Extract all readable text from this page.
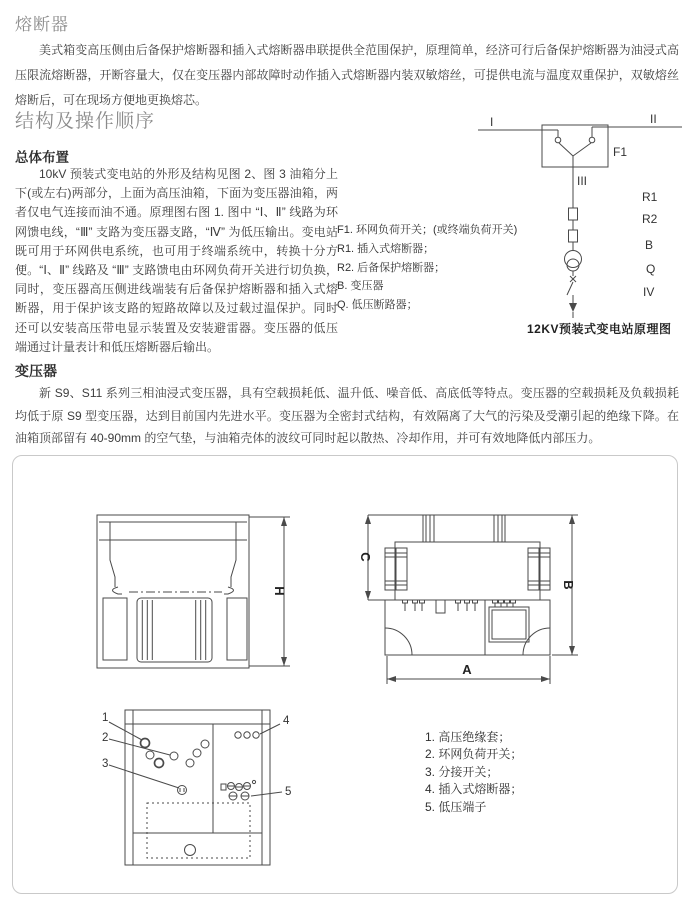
熔断器
美式箱变高压侧由后备保护熔断器和插入式熔断器串联提供全范围保护，原理简单，经济可行后备保护熔断器为油浸式高压限流熔断器，开断容量大，仅在变压器内部故障时动作插入式熔断器内装双敏熔丝，可提供电流与温度双重保护，双敏熔丝熔断后，可在现场方便地更换熔芯。
结构及操作顺序
总体布置
10kV 预装式变电站的外形及结构见图 2、图 3 油箱分上下(或左右)两部分，上面为高压油箱，下面为变压器油箱，两者仅电气连接而油不通。原理图右图 1. 图中 “Ⅰ、Ⅱ” 线路为环网馈电线，“Ⅲ” 支路为变压器支路，“Ⅳ” 为低压输出。变电站既可用于环网供电系统，也可用于终端系统中，转换十分方便。“Ⅰ、Ⅱ” 线路及 “Ⅲ” 支路馈电由环网负荷开关进行切负换，同时，变压器高压侧进线端装有后备保护熔断器和插入式熔断器，用于保护该支路的短路故障以及过载过温保护。同时还可以安装高压带电显示装置及安装避雷器。变压器的低压端通过计量表计和低压熔断器后输出。
F1. 环网负荷开关；(或终端负荷开关)
R1. 插入式熔断器；
R2. 后备保护熔断器；
B. 变压器
Q. 低压断路器；
I	II
F1
III
R1
R2
B
Q
IV
12KV预装式变电站原理图
变压器
新 S9、S11 系列三相油浸式变压器，具有空载损耗低、温升低、噪音低、高底低等特点。变压器的空载损耗及负载损耗均低于原 S9 型变压器，达到目前国内先进水平。变压器为全密封式结构，有效隔离了大气的污染及受潮引起的绝缘下降。在油箱顶部留有 40-90mm 的空气垫，与油箱壳体的波纹可同时起以散热、冷却作用，并可有效地降低内部压力。
H
C
B
A
1
2
3
4
5
1. 高压绝缘套；
2. 环网负荷开关；
3. 分接开关；
4. 插入式熔断器；
5. 低压端子
